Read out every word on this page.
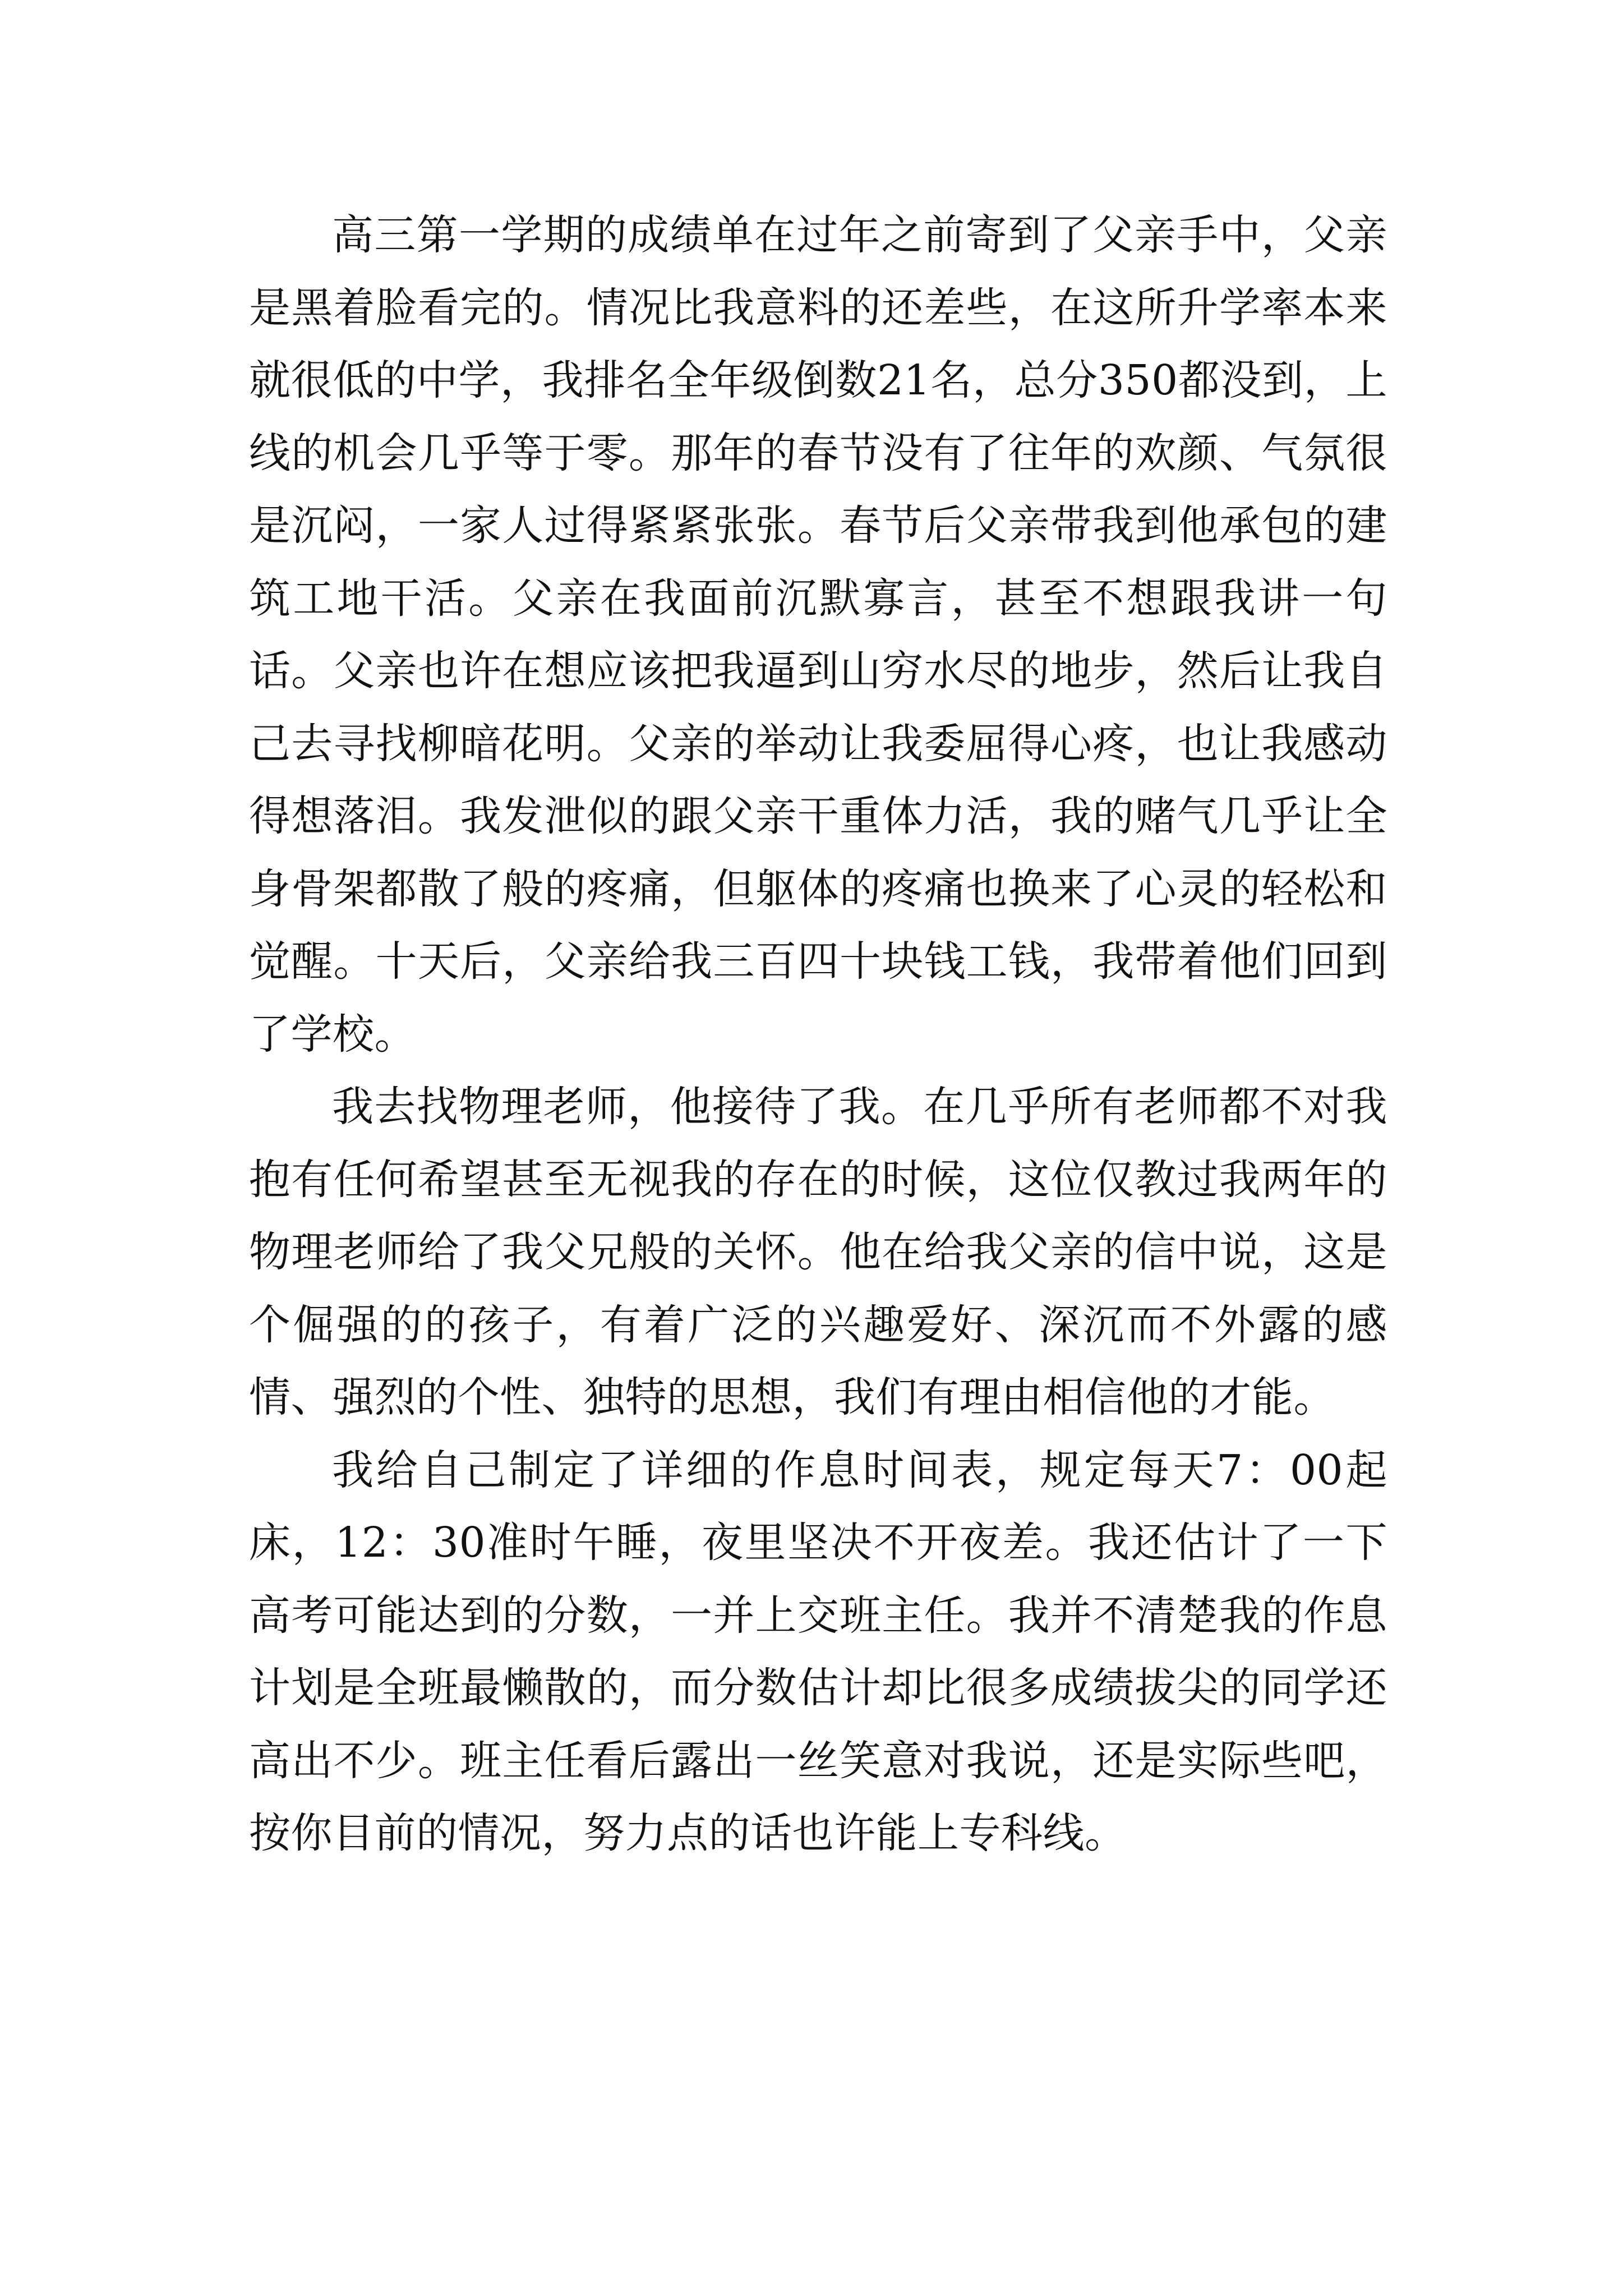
高三第一学期的成绩单在过年之前寄到了父亲手中，父亲是黑着脸看完的。情况比我意料的还差些，在这所升学率本来就很低的中学，我排名全年级倒数21名，总分350都没到，上线的机会几乎等于零。那年的春节没有了往年的欢颜、气氛很是沉闷，一家人过得紧紧张张。春节后父亲带我到他承包的建筑工地干活。父亲在我面前沉默寡言，甚至不想跟我讲一句话。父亲也许在想应该把我逼到山穷水尽的地步，然后让我自己去寻找柳暗花明。父亲的举动让我委屈得心疼，也让我感动得想落泪。我发泄似的跟父亲干重体力活，我的赌气几乎让全身骨架都散了般的疼痛，但躯体的疼痛也换来了心灵的轻松和觉醒。十天后，父亲给我三百四十块钱工钱，我带着他们回到了学校。

我去找物理老师，他接待了我。在几乎所有老师都不对我抱有任何希望甚至无视我的存在的时候，这位仅教过我两年的物理老师给了我父兄般的关怀。他在给我父亲的信中说，这是个倔强的的孩子，有着广泛的兴趣爱好、深沉而不外露的感情、强烈的个性、独特的思想，我们有理由相信他的才能。

我给自己制定了详细的作息时间表，规定每天7：00起床，12：30准时午睡，夜里坚决不开夜差。我还估计了一下高考可能达到的分数，一并上交班主任。我并不清楚我的作息计划是全班最懒散的，而分数估计却比很多成绩拔尖的同学还高出不少。班主任看后露出一丝笑意对我说，还是实际些吧，按你目前的情况，努力点的话也许能上专科线。
